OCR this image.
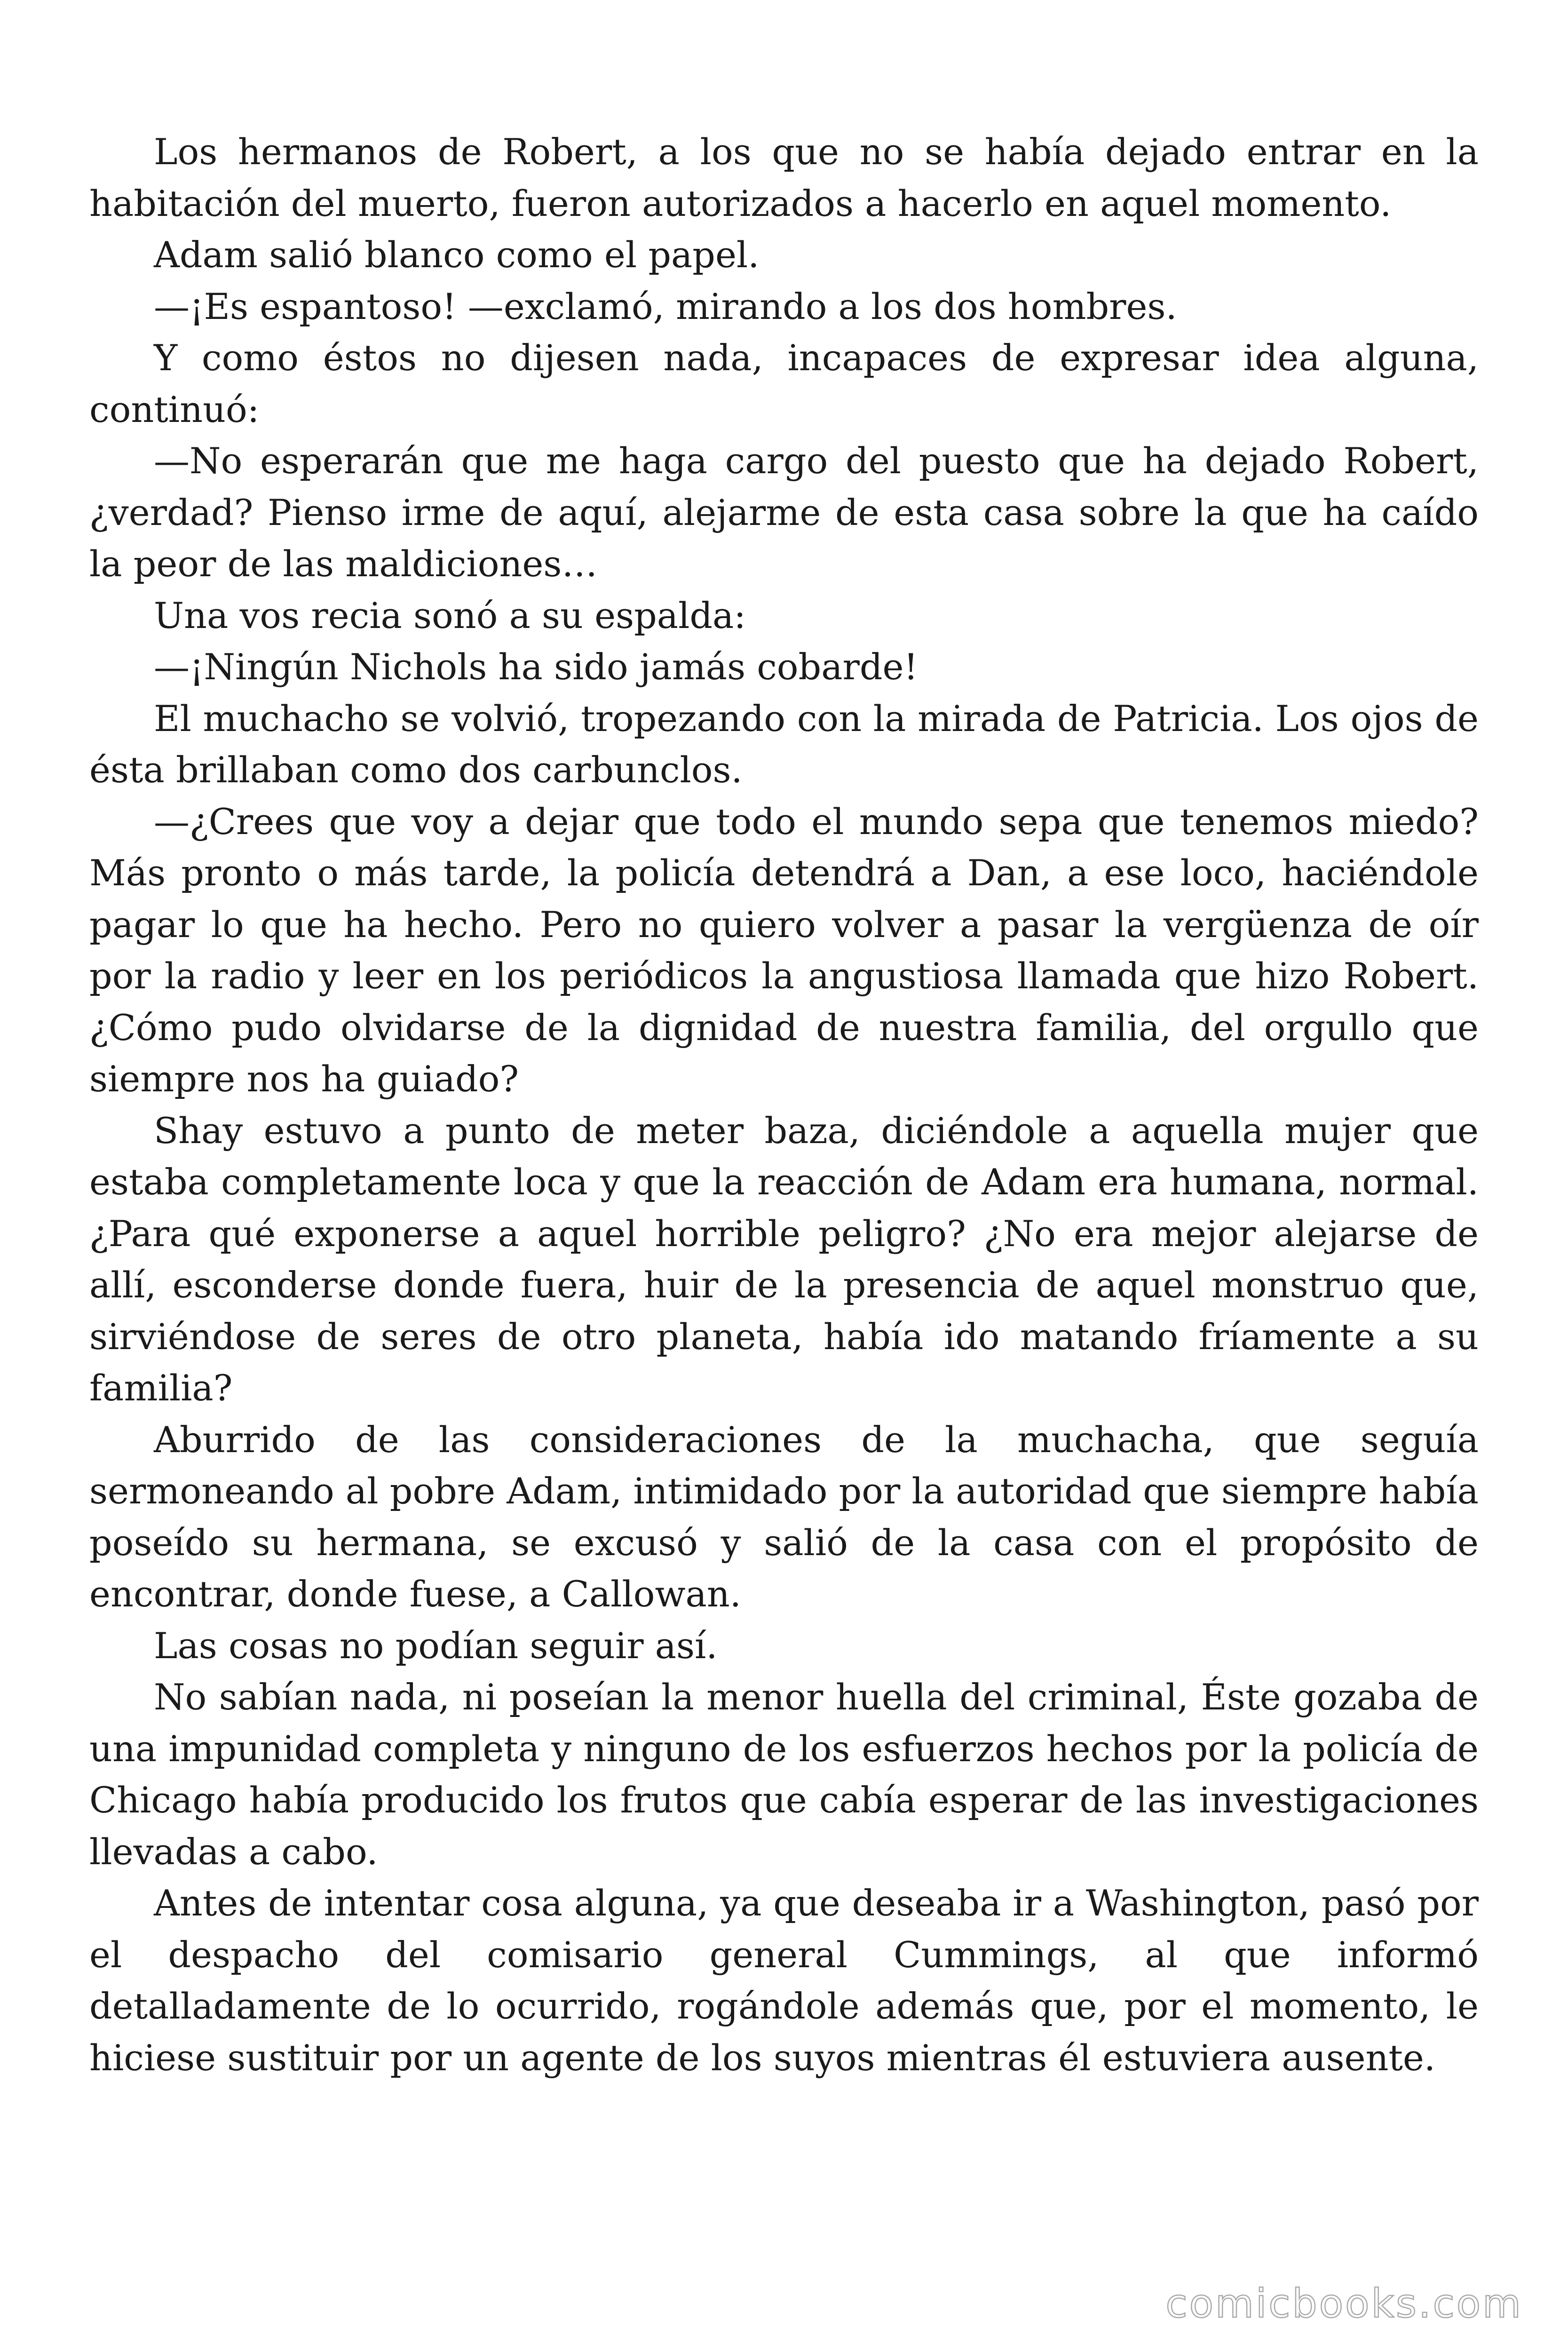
Los hermanos de Robert, a los que no se había dejado entrar en la habitación del muerto, fueron autorizados a hacerlo en aquel momento.

Adam salió blanco como el papel.

—¡Es espantoso! —exclamó, mirando a los dos hombres.

Y como éstos no dijesen nada, incapaces de expresar idea alguna, continuó:

—No esperarán que me haga cargo del puesto que ha dejado Robert, ¿verdad? Pienso irme de aquí, alejarme de esta casa sobre la que ha caído la peor de las maldiciones…

Una vos recia sonó a su espalda:

—¡Ningún Nichols ha sido jamás cobarde!

El muchacho se volvió, tropezando con la mirada de Patricia. Los ojos de ésta brillaban como dos carbunclos.

—¿Crees que voy a dejar que todo el mundo sepa que tenemos miedo? Más pronto o más tarde, la policía detendrá a Dan, a ese loco, haciéndole pagar lo que ha hecho. Pero no quiero volver a pasar la vergüenza de oír por la radio y leer en los periódicos la angustiosa llamada que hizo Robert. ¿Cómo pudo olvidarse de la dignidad de nuestra familia, del orgullo que siempre nos ha guiado?

Shay estuvo a punto de meter baza, diciéndole a aquella mujer que estaba completamente loca y que la reacción de Adam era humana, normal. ¿Para qué exponerse a aquel horrible peligro? ¿No era mejor alejarse de allí, esconderse donde fuera, huir de la presencia de aquel monstruo que, sirviéndose de seres de otro planeta, había ido matando fríamente a su familia?

Aburrido de las consideraciones de la muchacha, que seguía sermoneando al pobre Adam, intimidado por la autoridad que siempre había poseído su hermana, se excusó y salió de la casa con el propósito de encontrar, donde fuese, a Callowan.

Las cosas no podían seguir así.

No sabían nada, ni poseían la menor huella del criminal, Éste gozaba de una impunidad completa y ninguno de los esfuerzos hechos por la policía de Chicago había producido los frutos que cabía esperar de las investigaciones llevadas a cabo.

Antes de intentar cosa alguna, ya que deseaba ir a Washington, pasó por el despacho del comisario general Cummings, al que informó detalladamente de lo ocurrido, rogándole además que, por el momento, le hiciese sustituir por un agente de los suyos mientras él estuviera ausente.

comicbooks.com
